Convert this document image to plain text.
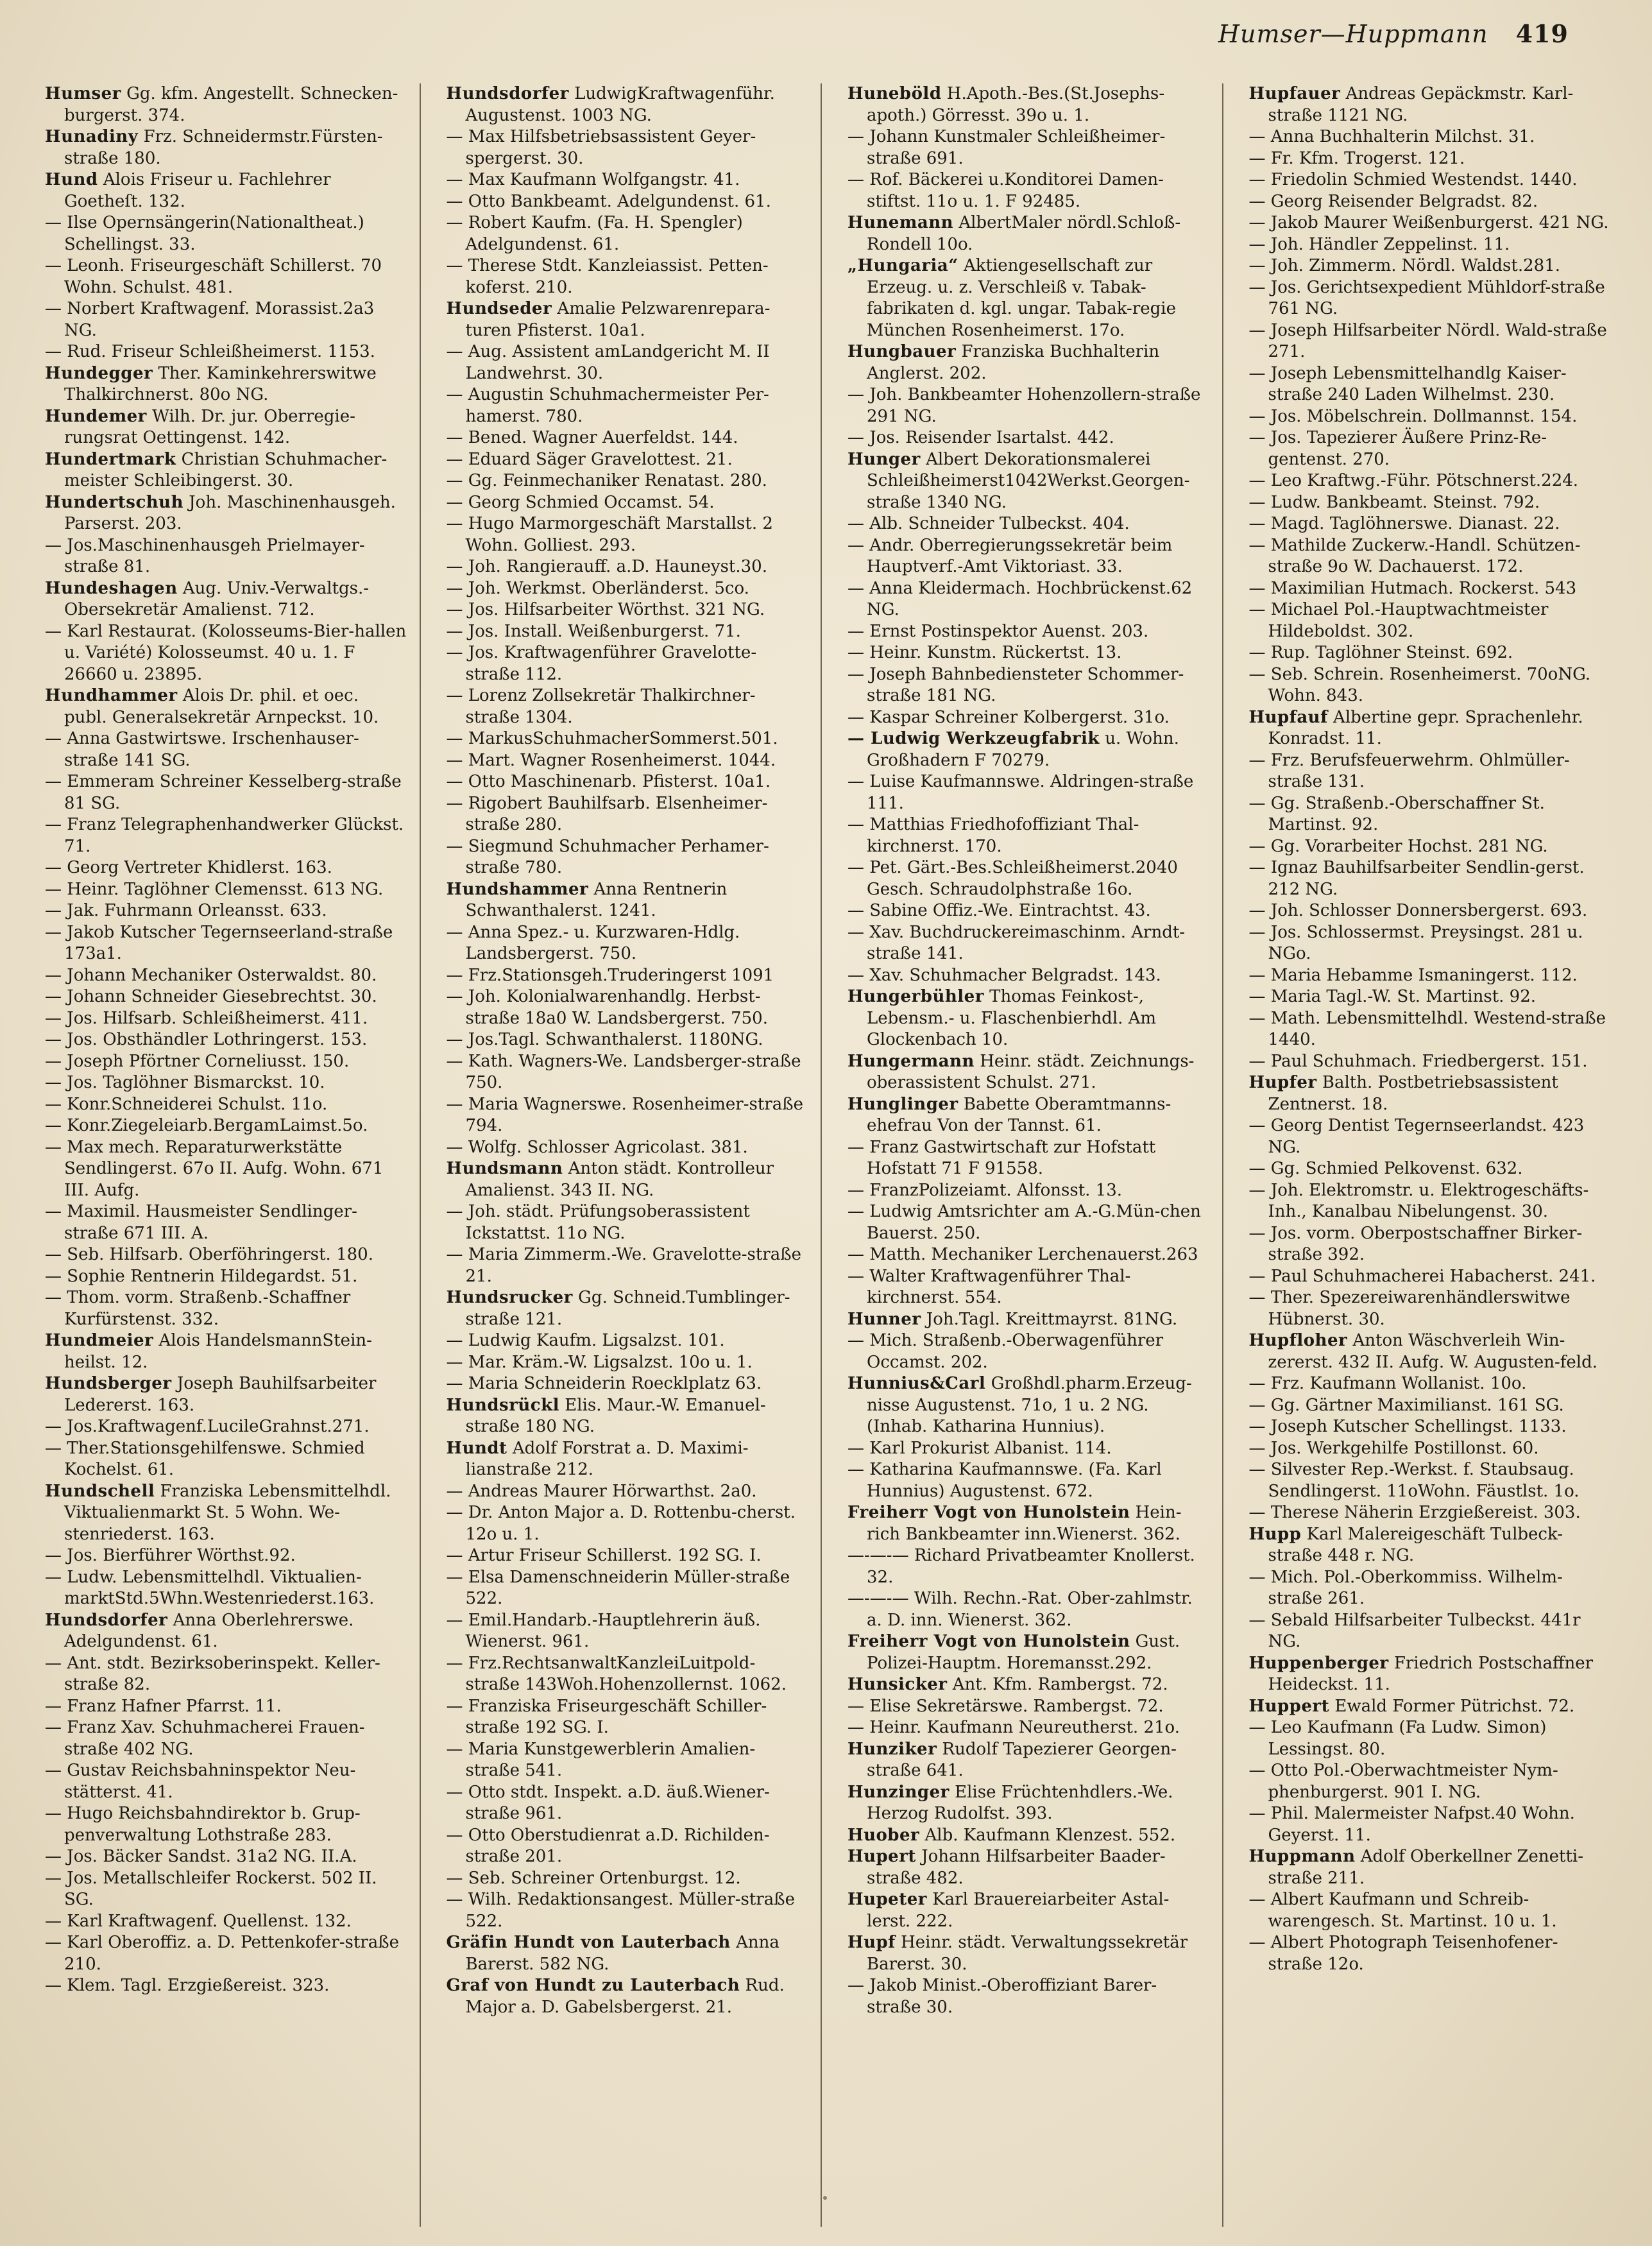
Humser—Huppmann 419

Humser Gg. kfm. Angestellt. Schnecken-burgerst. 374.

Hunadiny Frz. Schneidermstr.Fürsten-straße 180.

Hund Alois Friseur u. Fachlehrer Goetheſt. 132.

— Ilse Opernsängerin(Nationaltheat.) Schellingst. 33.

— Leonh. Friseurgeschäft Schillerst. 70 Wohn. Schulst. 481.

— Norbert Kraftwagenf. Morassist.2a3 NG.

— Rud. Friseur Schleißheimerst. 1153.

Hundegger Ther. Kaminkehrerswitwe Thalkirchnerst. 80o NG.

Hundemer Wilh. Dr. jur. Oberregie-rungsrat Oettingenst. 142.

Hundertmark Christian Schuhmacher-meister Schleibingerst. 30.

Hundertschuh Joh. Maschinenhausgeh. Parserst. 203.

— Jos.Maschinenhausgeh Prielmayer-straße 81.

Hundeshagen Aug. Univ.-Verwaltgs.-Obersekretär Amalienst. 712.

— Karl Restaurat. (Kolosseums-Bier-hallen u. Variété) Kolosseumst. 40 u. 1. F 26660 u. 23895.

Hundhammer Alois Dr. phil. et oec. publ. Generalsekretär Arnpeckst. 10.

— Anna Gastwirtswe. Irschenhauser-straße 141 SG.

— Emmeram Schreiner Kesselberg-straße 81 SG.

— Franz Telegraphenhandwerker Glückst. 71.

— Georg Vertreter Khidlerst. 163.

— Heinr. Taglöhner Clemensst. 613 NG.

— Jak. Fuhrmann Orleansst. 633.

— Jakob Kutscher Tegernseerland-straße 173a1.

— Johann Mechaniker Osterwaldst. 80.

— Johann Schneider Giesebrechtst. 30.

— Jos. Hilfsarb. Schleißheimerst. 411.

— Jos. Obsthändler Lothringerst. 153.

— Joseph Pförtner Corneliusst. 150.

— Jos. Taglöhner Bismarckst. 10.

— Konr.Schneiderei Schulst. 11o.

— Konr.Ziegeleiarb.BergamLaimst.5o.

— Max mech. Reparaturwerkstätte Sendlingerst. 67o II. Aufg. Wohn. 671 III. Aufg.

— Maximil. Hausmeister Sendlinger-straße 671 III. A.

— Seb. Hilfsarb. Oberföhringerst. 180.

— Sophie Rentnerin Hildegardst. 51.

— Thom. vorm. Straßenb.-Schaffner Kurfürstenst. 332.

Hundmeier Alois HandelsmannStein-heilst. 12.

Hundsberger Joseph Bauhilfsarbeiter Ledererst. 163.

— Jos.Kraftwagenf.LucileGrahnst.271.

— Ther.Stationsgehilfenswe. Schmied Kochelst. 61.

Hundschell Franziska Lebensmittelhdl. Viktualienmarkt St. 5 Wohn. We-stenriederst. 163.

— Jos. Bierführer Wörthst.92.

— Ludw. Lebensmittelhdl. Viktualien-marktStd.5Whn.Westenriederst.163.

Hundsdorfer Anna Oberlehrerswe. Adelgundenst. 61.

— Ant. stdt. Bezirksoberinspekt. Keller-straße 82.

— Franz Hafner Pfarrst. 11.

— Franz Xav. Schuhmacherei Frauen-straße 402 NG.

— Gustav Reichsbahninspektor Neu-stätterst. 41.

— Hugo Reichsbahndirektor b. Grup-penverwaltung Lothstraße 283.

— Jos. Bäcker Sandst. 31a2 NG. II.A.

— Jos. Metallschleifer Rockerst. 502 II. SG.

— Karl Kraftwagenf. Quellenst. 132.

— Karl Oberoffiz. a. D. Pettenkofer-straße 210.

— Klem. Tagl. Erzgießereist. 323.

Hundsdorfer LudwigKraftwagenführ. Augustenst. 1003 NG.

— Max Hilfsbetriebsassistent Geyer-spergerst. 30.

— Max Kaufmann Wolfgangstr. 41.

— Otto Bankbeamt. Adelgundenst. 61.

— Robert Kaufm. (Fa. H. Spengler) Adelgundenst. 61.

— Therese Stdt. Kanzleiassist. Petten-koferst. 210.

Hundseder Amalie Pelzwarenrepara-turen Pfisterst. 10a1.

— Aug. Assistent amLandgericht M. II Landwehrst. 30.

— Augustin Schuhmachermeister Per-hamerst. 780.

— Bened. Wagner Auerfeldst. 144.

— Eduard Säger Gravelottest. 21.

— Gg. Feinmechaniker Renatast. 280.

— Georg Schmied Occamst. 54.

— Hugo Marmorgeschäft Marstallst. 2 Wohn. Golliest. 293.

— Joh. Rangierauff. a.D. Hauneyst.30.

— Joh. Werkmst. Oberländerst. 5co.

— Jos. Hilfsarbeiter Wörthst. 321 NG.

— Jos. Install. Weißenburgerst. 71.

— Jos. Kraftwagenführer Gravelotte-straße 112.

— Lorenz Zollsekretär Thalkirchner-straße 1304.

— MarkusSchuhmacherSommerst.501.

— Mart. Wagner Rosenheimerst. 1044.

— Otto Maschinenarb. Pfisterst. 10a1.

— Rigobert Bauhilfsarb. Elsenheimer-straße 280.

— Siegmund Schuhmacher Perhamer-straße 780.

Hundshammer Anna Rentnerin Schwanthalerst. 1241.

— Anna Spez.- u. Kurzwaren-Hdlg. Landsbergerst. 750.

— Frz.Stationsgeh.Truderingerst 1091

— Joh. Kolonialwarenhandlg. Herbst-straße 18a0 W. Landsbergerst. 750.

— Jos.Tagl. Schwanthalerst. 1180NG.

— Kath. Wagners-We. Landsberger-straße 750.

— Maria Wagnerswe. Rosenheimer-straße 794.

— Wolfg. Schlosser Agricolast. 381.

Hundsmann Anton städt. Kontrolleur Amalienst. 343 II. NG.

— Joh. städt. Prüfungsoberassistent Ickstattst. 11o NG.

— Maria Zimmerm.-We. Gravelotte-straße 21.

Hundsrucker Gg. Schneid.Tumblinger-straße 121.

— Ludwig Kaufm. Ligsalzst. 101.

— Mar. Kräm.-W. Ligsalzst. 10o u. 1.

— Maria Schneiderin Roecklplatz 63.

Hundsrückl Elis. Maur.-W. Emanuel-straße 180 NG.

Hundt Adolf Forstrat a. D. Maximi-lianstraße 212.

— Andreas Maurer Hörwarthst. 2a0.

— Dr. Anton Major a. D. Rottenbu-cherst. 12o u. 1.

— Artur Friseur Schillerst. 192 SG. I.

— Elsa Damenschneiderin Müller-straße 522.

— Emil.Handarb.-Hauptlehrerin äuß. Wienerst. 961.

— Frz.RechtsanwaltKanzleiLuitpold-straße 143Woh.Hohenzollernst. 1062.

— Franziska Friseurgeschäft Schiller-straße 192 SG. I.

— Maria Kunstgewerblerin Amalien-straße 541.

— Otto stdt. Inspekt. a.D. äuß.Wiener-straße 961.

— Otto Oberstudienrat a.D. Richilden-straße 201.

— Seb. Schreiner Ortenburgst. 12.

— Wilh. Redaktionsangest. Müller-straße 522.

Gräfin Hundt von Lauterbach Anna Barerst. 582 NG.

Graf von Hundt zu Lauterbach Rud. Major a. D. Gabelsbergerst. 21.

Huneböld H.Apoth.-Bes.(St.Josephs-apoth.) Görresst. 39o u. 1.

— Johann Kunstmaler Schleißheimer-straße 691.

— Rof. Bäckerei u.Konditorei Damen-stiftst. 11o u. 1. F 92485.

Hunemann AlbertMaler nördl.Schloß-Rondell 10o.

„Hungaria“ Aktiengesellschaft zur Erzeug. u. z. Verschleiß v. Tabak-fabrikaten d. kgl. ungar. Tabak-regie München Rosenheimerst. 17o.

Hungbauer Franziska Buchhalterin Anglerst. 202.

— Joh. Bankbeamter Hohenzollern-straße 291 NG.

— Jos. Reisender Isartalst. 442.

Hunger Albert Dekorationsmalerei Schleißheimerst1042Werkst.Georgen-straße 1340 NG.

— Alb. Schneider Tulbeckst. 404.

— Andr. Oberregierungssekretär beim Hauptverf.-Amt Viktoriast. 33.

— Anna Kleidermach. Hochbrückenst.62 NG.

— Ernst Postinspektor Auenst. 203.

— Heinr. Kunstm. Rückertst. 13.

— Joseph Bahnbediensteter Schommer-straße 181 NG.

— Kaspar Schreiner Kolbergerst. 31o.

— Ludwig Werkzeugfabrik u. Wohn. Großhadern F 70279.

— Luise Kaufmannswe. Aldringen-straße 111.

— Matthias Friedhofoffiziant Thal-kirchnerst. 170.

— Pet. Gärt.-Bes.Schleißheimerst.2040 Gesch. Schraudolphstraße 16o.

— Sabine Offiz.-We. Eintrachtst. 43.

— Xav. Buchdruckereimaschinm. Arndt-straße 141.

— Xav. Schuhmacher Belgradst. 143.

Hungerbühler Thomas Feinkost-, Lebensm.- u. Flaschenbierhdl. Am Glockenbach 10.

Hungermann Heinr. städt. Zeichnungs-oberassistent Schulst. 271.

Hunglinger Babette Oberamtmanns-ehefrau Von der Tannst. 61.

— Franz Gastwirtschaft zur Hofstatt Hofstatt 71 F 91558.

— FranzPolizeiamt. Alfonsst. 13.

— Ludwig Amtsrichter am A.-G.Mün-chen Bauerst. 250.

— Matth. Mechaniker Lerchenauerst.263

— Walter Kraftwagenführer Thal-kirchnerst. 554.

Hunner Joh.Tagl. Kreittmayrst. 81NG.

— Mich. Straßenb.-Oberwagenführer Occamst. 202.

Hunnius&Carl Großhdl.pharm.Erzeug-nisse Augustenst. 71o, 1 u. 2 NG. (Inhab. Katharina Hunnius).

— Karl Prokurist Albanist. 114.

— Katharina Kaufmannswe. (Fa. Karl Hunnius) Augustenst. 672.

Freiherr Vogt von Hunolstein Hein-rich Bankbeamter inn.Wienerst. 362.

—-—-— Richard Privatbeamter Knollerst. 32.

—-—-— Wilh. Rechn.-Rat. Ober-zahlmstr. a. D. inn. Wienerst. 362.

Freiherr Vogt von Hunolstein Gust. Polizei-Hauptm. Horemansst.292.

Hunsicker Ant. Kfm. Rambergst. 72.

— Elise Sekretärswe. Rambergst. 72.

— Heinr. Kaufmann Neureutherst. 21o.

Hunziker Rudolf Tapezierer Georgen-straße 641.

Hunzinger Elise Früchtenhdlers.-We. Herzog Rudolfst. 393.

Huober Alb. Kaufmann Klenzest. 552.

Hupert Johann Hilfsarbeiter Baader-straße 482.

Hupeter Karl Brauereiarbeiter Astal-lerst. 222.

Hupf Heinr. städt. Verwaltungssekretär Barerst. 30.

— Jakob Minist.-Oberoffiziant Barer-straße 30.

Hupfauer Andreas Gepäckmstr. Karl-straße 1121 NG.

— Anna Buchhalterin Milchst. 31.

— Fr. Kfm. Trogerst. 121.

— Friedolin Schmied Westendst. 1440.

— Georg Reisender Belgradst. 82.

— Jakob Maurer Weißenburgerst. 421 NG.

— Joh. Händler Zeppelinst. 11.

— Joh. Zimmerm. Nördl. Waldst.281.

— Jos. Gerichtsexpedient Mühldorf-straße 761 NG.

— Joseph Hilfsarbeiter Nördl. Wald-straße 271.

— Joseph Lebensmittelhandlg Kaiser-straße 240 Laden Wilhelmst. 230.

— Jos. Möbelschrein. Dollmannst. 154.

— Jos. Tapezierer Äußere Prinz-Re-gentenst. 270.

— Leo Kraftwg.-Führ. Pötschnerst.224.

— Ludw. Bankbeamt. Steinst. 792.

— Magd. Taglöhnerswe. Dianast. 22.

— Mathilde Zuckerw.-Handl. Schützen-straße 9o W. Dachauerst. 172.

— Maximilian Hutmach. Rockerst. 543

— Michael Pol.-Hauptwachtmeister Hildeboldst. 302.

— Rup. Taglöhner Steinst. 692.

— Seb. Schrein. Rosenheimerst. 70oNG. Wohn. 843.

Hupfauf Albertine gepr. Sprachenlehr. Konradst. 11.

— Frz. Berufsfeuerwehrm. Ohlmüller-straße 131.

— Gg. Straßenb.-Oberschaffner St. Martinst. 92.

— Gg. Vorarbeiter Hochst. 281 NG.

— Ignaz Bauhilfsarbeiter Sendlin-gerst. 212 NG.

— Joh. Schlosser Donnersbergerst. 693.

— Jos. Schlossermst. Preysingst. 281 u. NGo.

— Maria Hebamme Ismaningerst. 112.

— Maria Tagl.-W. St. Martinst. 92.

— Math. Lebensmittelhdl. Westend-straße 1440.

— Paul Schuhmach. Friedbergerst. 151.

Hupfer Balth. Postbetriebsassistent Zentnerst. 18.

— Georg Dentist Tegernseerlandst. 423 NG.

— Gg. Schmied Pelkovenst. 632.

— Joh. Elektromstr. u. Elektrogeschäfts-Inh., Kanalbau Nibelungenst. 30.

— Jos. vorm. Oberpostschaffner Birker-straße 392.

— Paul Schuhmacherei Habacherst. 241.

— Ther. Spezereiwarenhändlerswitwe Hübnerst. 30.

Hupfloher Anton Wäschverleih Win-zererst. 432 II. Aufg. W. Augusten-feld.

— Frz. Kaufmann Wollanist. 10o.

— Gg. Gärtner Maximilianst. 161 SG.

— Joseph Kutscher Schellingst. 1133.

— Jos. Werkgehilfe Postillonst. 60.

— Silvester Rep.-Werkst. f. Staubsaug. Sendlingerst. 11oWohn. Fäustlst. 1o.

— Therese Näherin Erzgießereist. 303.

Hupp Karl Malereigeschäft Tulbeck-straße 448 r. NG.

— Mich. Pol.-Oberkommiss. Wilhelm-straße 261.

— Sebald Hilfsarbeiter Tulbeckst. 441r NG.

Huppenberger Friedrich Postschaffner Heideckst. 11.

Huppert Ewald Former Pütrichst. 72.

— Leo Kaufmann (Fa Ludw. Simon) Lessingst. 80.

— Otto Pol.-Oberwachtmeister Nym-phenburgerst. 901 I. NG.

— Phil. Malermeister Nafpst.40 Wohn. Geyerst. 11.

Huppmann Adolf Oberkellner Zenetti-straße 211.

— Albert Kaufmann und Schreib-warengesch. St. Martinst. 10 u. 1.

— Albert Photograph Teisenhofener-straße 12o.
